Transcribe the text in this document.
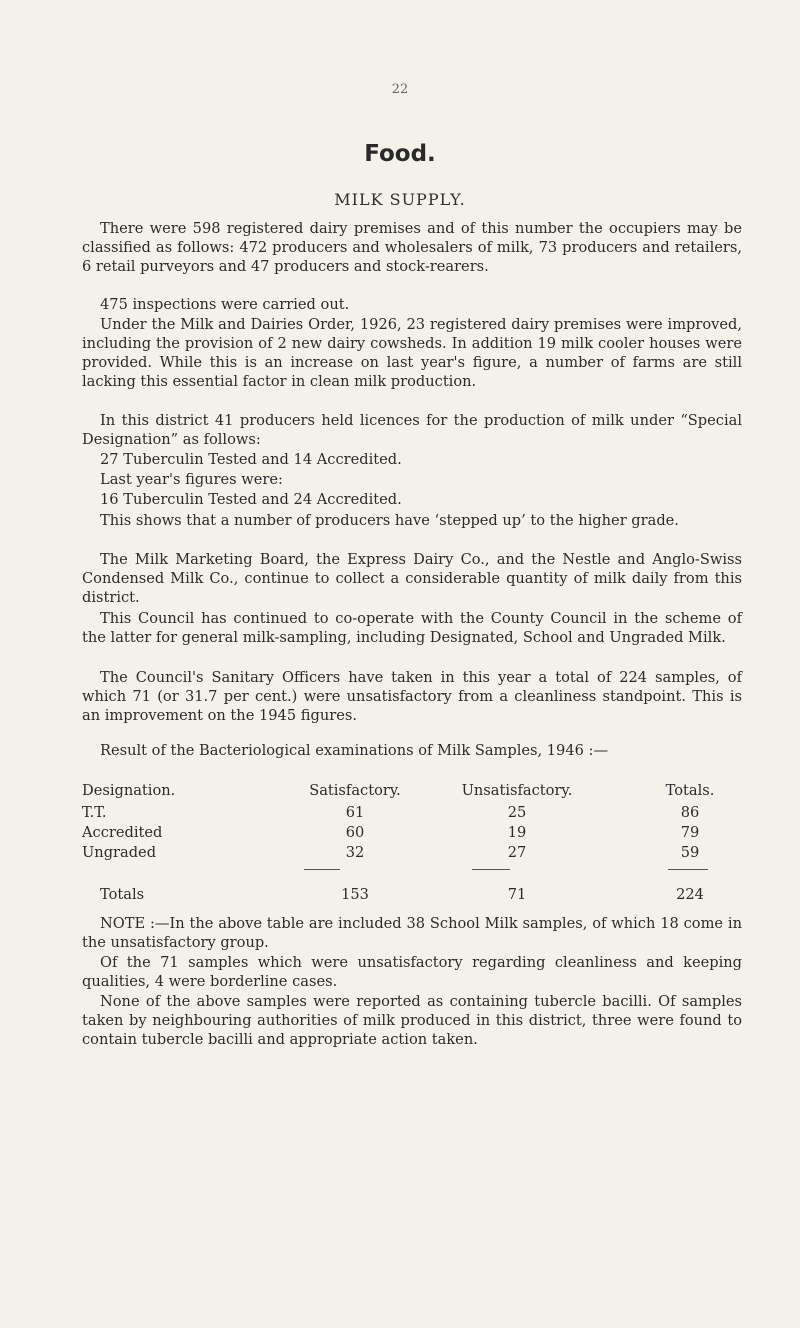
22
Food.
MILK SUPPLY.

There were 598 registered dairy premises and of this number the occupiers may be classified as follows: 472 producers and wholesalers of milk, 73 producers and retailers, 6 retail purveyors and 47 producers and stock-rearers.

475 inspections were carried out.

Under the Milk and Dairies Order, 1926, 23 registered dairy premises were improved, including the provision of 2 new dairy cowsheds. In addition 19 milk cooler houses were provided. While this is an increase on last year's figure, a number of farms are still lacking this essential factor in clean milk production.

In this district 41 producers held licences for the production of milk under “Special Designation” as follows:

27 Tuberculin Tested and 14 Accredited.

Last year's figures were:

16 Tuberculin Tested and 24 Accredited.

This shows that a number of producers have ‘stepped up’ to the higher grade.

The Milk Marketing Board, the Express Dairy Co., and the Nestle and Anglo-Swiss Condensed Milk Co., continue to collect a considerable quantity of milk daily from this district.

This Council has continued to co-operate with the County Council in the scheme of the latter for general milk-sampling, including Designated, School and Ungraded Milk.

The Council's Sanitary Officers have taken in this year a total of 224 samples, of which 71 (or 31.7 per cent.) were unsatisfactory from a cleanliness standpoint. This is an improvement on the 1945 figures.

Result of the Bacteriological examinations of Milk Samples, 1946 :—

Designation.	Satisfactory.	Unsatisfactory.	Totals.
T.T.	61	25	86
Accredited	60	19	79
Ungraded	32	27	59
Totals	153	71	224

NOTE :—In the above table are included 38 School Milk samples, of which 18 come in the unsatisfactory group.

Of the 71 samples which were unsatisfactory regarding cleanliness and keeping qualities, 4 were borderline cases.

None of the above samples were reported as containing tubercle bacilli. Of samples taken by neighbouring authorities of milk produced in this district, three were found to contain tubercle bacilli and appropriate action taken.
